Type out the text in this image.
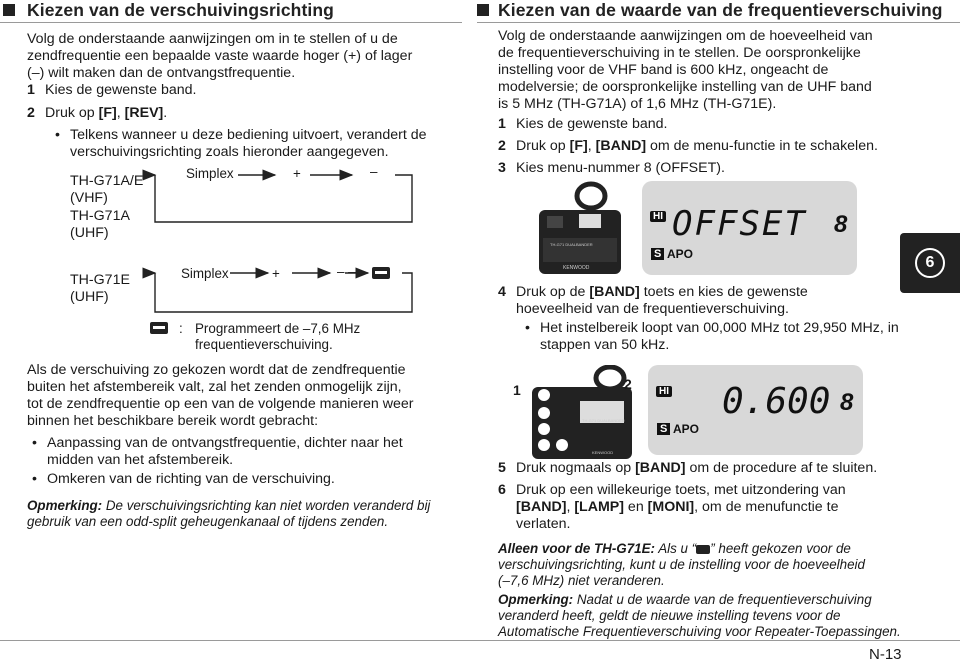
Kiezen van de verschuivingsrichting
Volg de onderstaande aanwijzingen om in te stellen of u de
zendfrequentie een bepaalde vaste waarde hoger (+) of lager
(–) wilt maken dan de ontvangstfrequentie.
1 Kies de gewenste band.
2 Druk op [F], [REV].
• Telkens wanneer u deze bediening uitvoert, verandert de
verschuivingsrichting zoals hieronder aangegeven.
TH-G71A/E
(VHF)
TH-G71A
(UHF)
TH-G71E
(UHF)
Simplex	+	–
Simplex	+	– –
: Programmeert de –7,6 MHz
frequentieverschuiving.
Als de verschuiving zo gekozen wordt dat de zendfrequentie
buiten het afstembereik valt, zal het zenden onmogelijk zijn,
tot de zendfrequentie op een van de volgende manieren weer
binnen het beschikbare bereik wordt gebracht:
• Aanpassing van de ontvangstfrequentie, dichter naar het
midden van het afstembereik.
• Omkeren van de richting van de verschuiving.
Opmerking: De verschuivingsrichting kan niet worden veranderd bij
gebruik van een odd-split geheugenkanaal of tijdens zenden.
Kiezen van de waarde van de frequentieverschuiving
Volg de onderstaande aanwijzingen om de hoeveelheid van
de frequentieverschuiving in te stellen. De oorspronkelijke
instelling voor de VHF band is 600 kHz, ongeacht de
modelversie; de oorspronkelijke instelling van de UHF band
is 5 MHz (TH-G71A) of 1,6 MHz (TH-G71E).
1 Kies de gewenste band.
2 Druk op [F], [BAND] om de menu-functie in te schakelen.
3 Kies menu-nummer 8 (OFFSET).
TH-G71 DUALBANDER
KENWOOD
HI OFFSET 8
S APO	6
4 Druk op de [BAND] toets en kies de gewenste
hoeveelheid van de frequentieverschuiving.
• Het instelbereik loopt van 00,000 MHz tot 29,950 MHz, in
stappen van 50 kHz.
1	2
TH-G71 DUALBANDER
KENWOOD
MONI
LCK
VFO
CALL
HI 0.600 8
S APO
5 Druk nogmaals op [BAND] om de procedure af te sluiten.
6 Druk op een willekeurige toets, met uitzondering van
[BAND], [LAMP] en [MONI], om de menufunctie te
verlaten.
Alleen voor de TH-G71E: Als u “ ” heeft gekozen voor de
verschuivingsrichting, kunt u de instelling voor de hoeveelheid
(–7,6 MHz) niet veranderen.
Opmerking: Nadat u de waarde van de frequentieverschuiving
veranderd heeft, geldt de nieuwe instelling tevens voor de
Automatische Frequentieverschuiving voor Repeater-Toepassingen.
N-13
